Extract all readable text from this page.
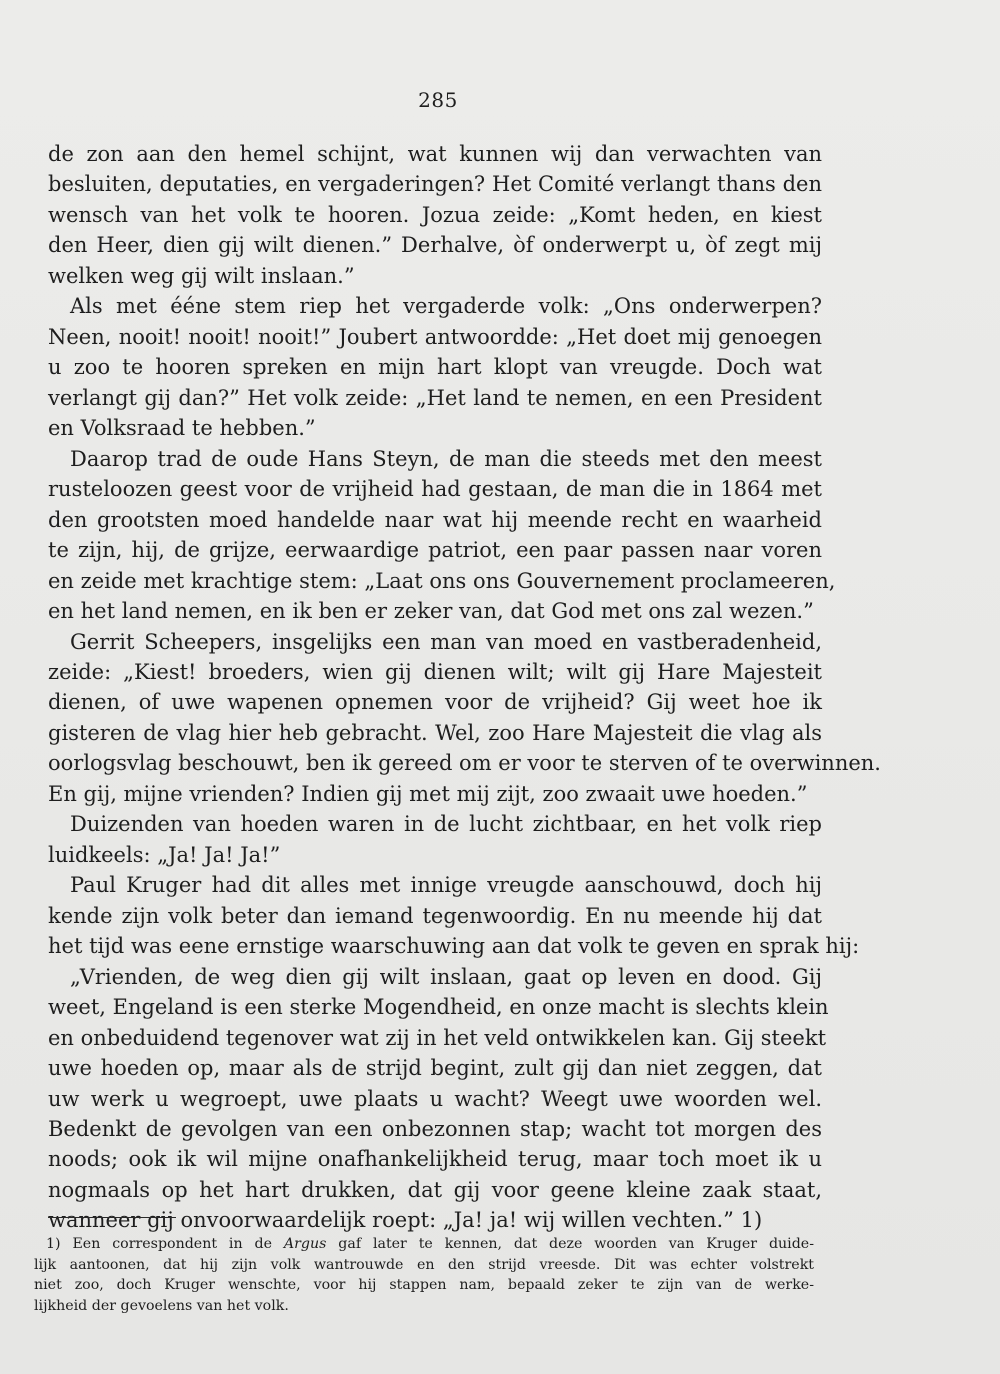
285
de zon aan den hemel schijnt, wat kunnen wij dan verwachten van
besluiten, deputaties, en vergaderingen? Het Comité verlangt thans den
wensch van het volk te hooren. Jozua zeide: „Komt heden, en kiest
den Heer, dien gij wilt dienen.” Derhalve, òf onderwerpt u, òf zegt mij
welken weg gij wilt inslaan.”
Als met ééne stem riep het vergaderde volk: „Ons onderwerpen?
Neen, nooit! nooit! nooit!” Joubert antwoordde: „Het doet mij genoegen
u zoo te hooren spreken en mijn hart klopt van vreugde. Doch wat
verlangt gij dan?” Het volk zeide: „Het land te nemen, en een President
en Volksraad te hebben.”
Daarop trad de oude Hans Steyn, de man die steeds met den meest
rusteloozen geest voor de vrijheid had gestaan, de man die in 1864 met
den grootsten moed handelde naar wat hij meende recht en waarheid
te zijn, hij, de grijze, eerwaardige patriot, een paar passen naar voren
en zeide met krachtige stem: „Laat ons ons Gouvernement proclameeren,
en het land nemen, en ik ben er zeker van, dat God met ons zal wezen.”
Gerrit Scheepers, insgelijks een man van moed en vastberadenheid,
zeide: „Kiest! broeders, wien gij dienen wilt; wilt gij Hare Majesteit
dienen, of uwe wapenen opnemen voor de vrijheid? Gij weet hoe ik
gisteren de vlag hier heb gebracht. Wel, zoo Hare Majesteit die vlag als
oorlogsvlag beschouwt, ben ik gereed om er voor te sterven of te overwinnen.
En gij, mijne vrienden? Indien gij met mij zijt, zoo zwaait uwe hoeden.”
Duizenden van hoeden waren in de lucht zichtbaar, en het volk riep
luidkeels: „Ja! Ja! Ja!”
Paul Kruger had dit alles met innige vreugde aanschouwd, doch hij
kende zijn volk beter dan iemand tegenwoordig. En nu meende hij dat
het tijd was eene ernstige waarschuwing aan dat volk te geven en sprak hij:
„Vrienden, de weg dien gij wilt inslaan, gaat op leven en dood. Gij
weet, Engeland is een sterke Mogendheid, en onze macht is slechts klein
en onbeduidend tegenover wat zij in het veld ontwikkelen kan. Gij steekt
uwe hoeden op, maar als de strijd begint, zult gij dan niet zeggen, dat
uw werk u wegroept, uwe plaats u wacht? Weegt uwe woorden wel.
Bedenkt de gevolgen van een onbezonnen stap; wacht tot morgen des
noods; ook ik wil mijne onafhankelijkheid terug, maar toch moet ik u
nogmaals op het hart drukken, dat gij voor geene kleine zaak staat,
wanneer gij onvoorwaardelijk roept: „Ja! ja! wij willen vechten.” 1)
1) Een correspondent in de Argus gaf later te kennen, dat deze woorden van Kruger duide-
lijk aantoonen, dat hij zijn volk wantrouwde en den strijd vreesde. Dit was echter volstrekt
niet zoo, doch Kruger wenschte, voor hij stappen nam, bepaald zeker te zijn van de werke-
lijkheid der gevoelens van het volk.
